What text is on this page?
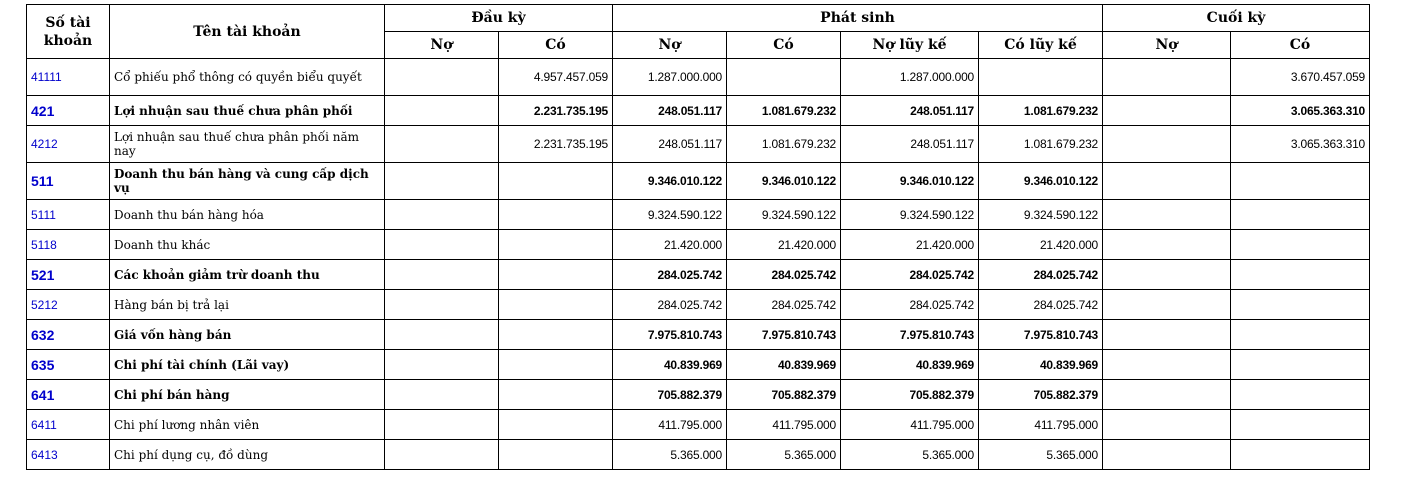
Số tài khoản	Tên tài khoản	Đầu kỳ		Phát sinh				Cuối kỳ	
		Nợ	Có	Nợ	Có	Nợ lũy kế	Có lũy kế	Nợ	Có
41111	Cổ phiếu phổ thông có quyền biểu quyết		4.957.457.059	1.287.000.000		1.287.000.000			3.670.457.059
421	Lợi nhuận sau thuế chưa phân phối		2.231.735.195	248.051.117	1.081.679.232	248.051.117	1.081.679.232		3.065.363.310
4212	Lợi nhuận sau thuế chưa phân phối năm nay		2.231.735.195	248.051.117	1.081.679.232	248.051.117	1.081.679.232		3.065.363.310
511	Doanh thu bán hàng và cung cấp dịch vụ			9.346.010.122	9.346.010.122	9.346.010.122	9.346.010.122		
5111	Doanh thu bán hàng hóa			9.324.590.122	9.324.590.122	9.324.590.122	9.324.590.122		
5118	Doanh thu khác			21.420.000	21.420.000	21.420.000	21.420.000		
521	Các khoản giảm trừ doanh thu			284.025.742	284.025.742	284.025.742	284.025.742		
5212	Hàng bán bị trả lại			284.025.742	284.025.742	284.025.742	284.025.742		
632	Giá vốn hàng bán			7.975.810.743	7.975.810.743	7.975.810.743	7.975.810.743		
635	Chi phí tài chính (Lãi vay)			40.839.969	40.839.969	40.839.969	40.839.969		
641	Chi phí bán hàng			705.882.379	705.882.379	705.882.379	705.882.379		
6411	Chi phí lương nhân viên			411.795.000	411.795.000	411.795.000	411.795.000		
6413	Chi phí dụng cụ, đồ dùng			5.365.000	5.365.000	5.365.000	5.365.000		
